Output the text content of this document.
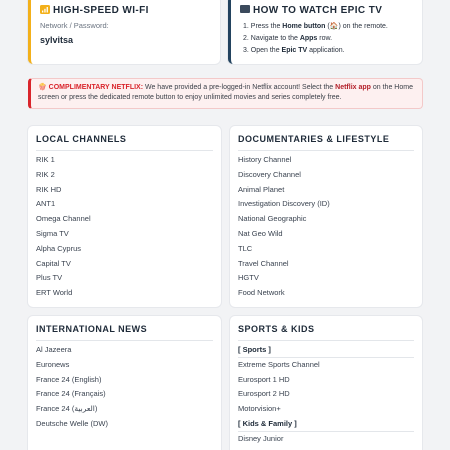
HIGH-SPEED WI-FI
Network / Password:
sylvitsa
HOW TO WATCH EPIC TV
1. Press the Home button (🏠) on the remote.
2. Navigate to the Apps row.
3. Open the Epic TV application.
🍿 COMPLIMENTARY NETFLIX: We have provided a pre-logged-in Netflix account! Select the Netflix app on the Home screen or press the dedicated remote button to enjoy unlimited movies and series completely free.
LOCAL CHANNELS
RIK 1
RIK 2
RIK HD
ANT1
Omega Channel
Sigma TV
Alpha Cyprus
Capital TV
Plus TV
ERT World
DOCUMENTARIES & LIFESTYLE
History Channel
Discovery Channel
Animal Planet
Investigation Discovery (ID)
National Geographic
Nat Geo Wild
TLC
Travel Channel
HGTV
Food Network
INTERNATIONAL NEWS
Al Jazeera
Euronews
France 24 (English)
France 24 (Français)
France 24 (العربية)
Deutsche Welle (DW)
SPORTS & KIDS
[ Sports ]
Extreme Sports Channel
Eurosport 1 HD
Eurosport 2 HD
Motorvision+
[ Kids & Family ]
Disney Junior
